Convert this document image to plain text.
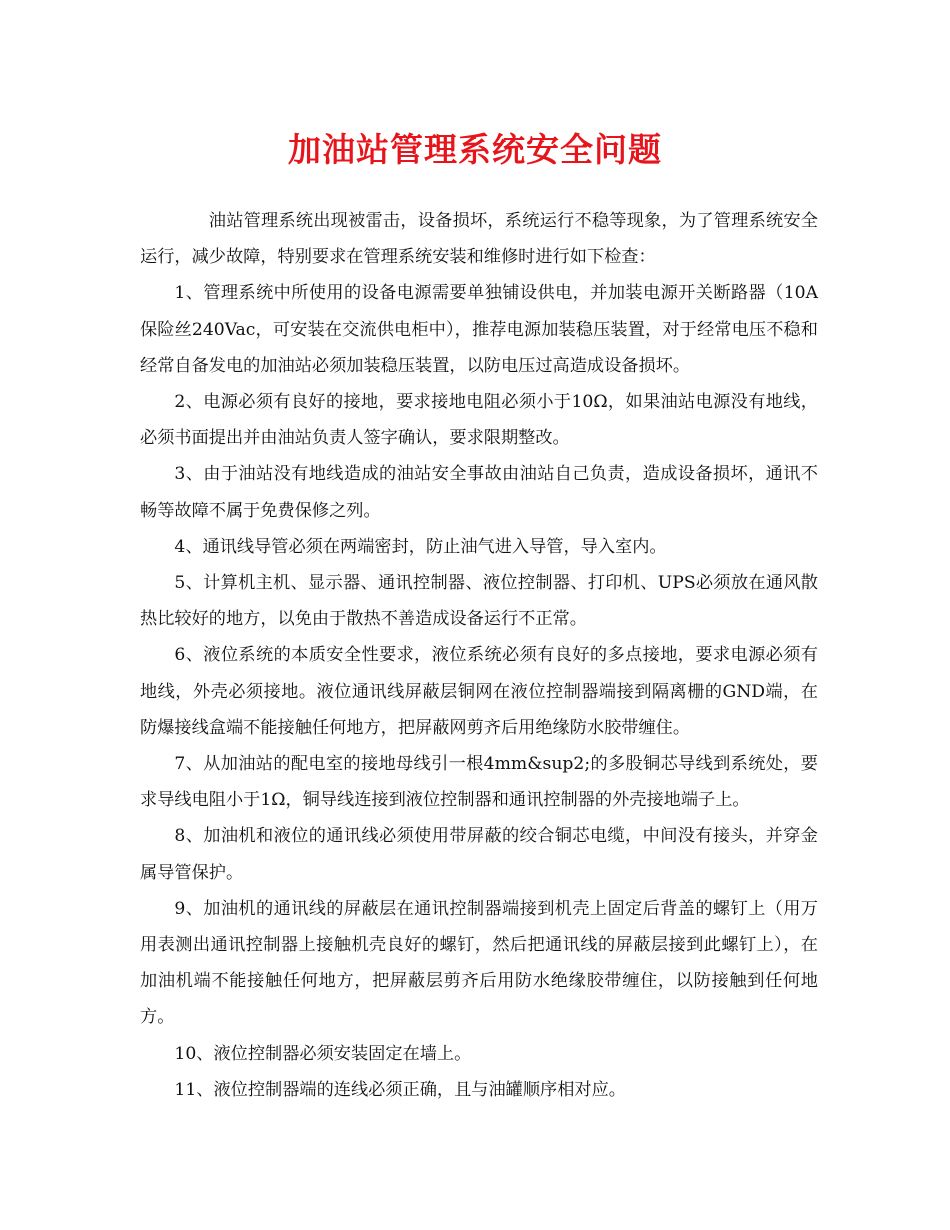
加油站管理系统安全问题

油站管理系统出现被雷击，设备损坏，系统运行不稳等现象，为了管理系统安全运行，减少故障，特别要求在管理系统安装和维修时进行如下检查：

1、管理系统中所使用的设备电源需要单独铺设供电，并加装电源开关断路器（10A保险丝240Vac，可安装在交流供电柜中），推荐电源加装稳压装置，对于经常电压不稳和经常自备发电的加油站必须加装稳压装置，以防电压过高造成设备损坏。

2、电源必须有良好的接地，要求接地电阻必须小于10Ω，如果油站电源没有地线，必须书面提出并由油站负责人签字确认，要求限期整改。

3、由于油站没有地线造成的油站安全事故由油站自己负责，造成设备损坏，通讯不畅等故障不属于免费保修之列。

4、通讯线导管必须在两端密封，防止油气进入导管，导入室内。

5、计算机主机、显示器、通讯控制器、液位控制器、打印机、UPS必须放在通风散热比较好的地方，以免由于散热不善造成设备运行不正常。

6、液位系统的本质安全性要求，液位系统必须有良好的多点接地，要求电源必须有地线，外壳必须接地。液位通讯线屏蔽层铜网在液位控制器端接到隔离栅的GND端，在防爆接线盒端不能接触任何地方，把屏蔽网剪齐后用绝缘防水胶带缠住。

7、从加油站的配电室的接地母线引一根4mm&sup2;的多股铜芯导线到系统处，要求导线电阻小于1Ω，铜导线连接到液位控制器和通讯控制器的外壳接地端子上。

8、加油机和液位的通讯线必须使用带屏蔽的绞合铜芯电缆，中间没有接头，并穿金属导管保护。

9、加油机的通讯线的屏蔽层在通讯控制器端接到机壳上固定后背盖的螺钉上（用万用表测出通讯控制器上接触机壳良好的螺钉，然后把通讯线的屏蔽层接到此螺钉上），在加油机端不能接触任何地方，把屏蔽层剪齐后用防水绝缘胶带缠住，以防接触到任何地方。

10、液位控制器必须安装固定在墙上。

11、液位控制器端的连线必须正确，且与油罐顺序相对应。
